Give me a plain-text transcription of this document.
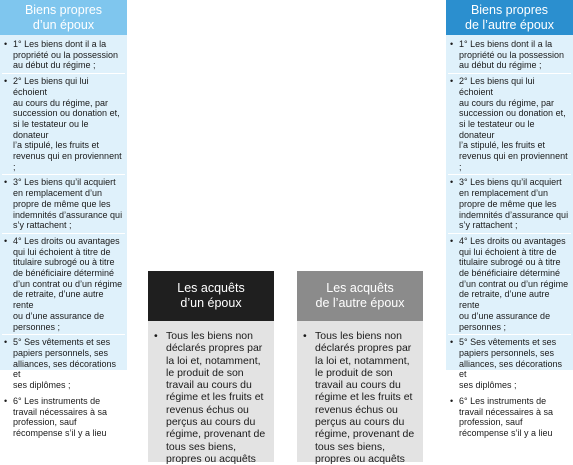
Biens propres
d’un époux
• 1° Les biens dont il a la
propriété ou la possession
au début du régime ;
• 2° Les biens qui lui échoient
au cours du régime, par
succession ou donation et,
si le testateur ou le donateur
l’a stipulé, les fruits et
revenus qui en proviennent ;
• 3° Les biens qu’il acquiert
en remplacement d’un
propre de même que les
indemnités d’assurance qui
s’y rattachent ;
• 4° Les droits ou avantages
qui lui échoient à titre de
titulaire subrogé ou à titre
de bénéficiaire déterminé
d’un contrat ou d’un régime
de retraite, d’une autre rente
ou d’une assurance de
personnes ;
• 5° Ses vêtements et ses
papiers personnels, ses
alliances, ses décorations et
ses diplômes ;
• 6° Les instruments de
travail nécessaires à sa
profession, sauf
récompense s’il y a lieu
Les acquêts
d’un époux
• Tous les biens non
déclarés propres par
la loi et, notamment,
le produit de son
travail au cours du
régime et les fruits et
revenus échus ou
perçus au cours du
régime, provenant de
tous ses biens,
propres ou acquêts
Les acquêts
de l’autre époux
• Tous les biens non
déclarés propres par
la loi et, notamment,
le produit de son
travail au cours du
régime et les fruits et
revenus échus ou
perçus au cours du
régime, provenant de
tous ses biens,
propres ou acquêts
Biens propres
de l’autre époux
• 1° Les biens dont il a la
propriété ou la possession
au début du régime ;
• 2° Les biens qui lui échoient
au cours du régime, par
succession ou donation et,
si le testateur ou le donateur
l’a stipulé, les fruits et
revenus qui en proviennent ;
• 3° Les biens qu’il acquiert
en remplacement d’un
propre de même que les
indemnités d’assurance qui
s’y rattachent ;
• 4° Les droits ou avantages
qui lui échoient à titre de
titulaire subrogé ou à titre
de bénéficiaire déterminé
d’un contrat ou d’un régime
de retraite, d’une autre rente
ou d’une assurance de
personnes ;
• 5° Ses vêtements et ses
papiers personnels, ses
alliances, ses décorations et
ses diplômes ;
• 6° Les instruments de
travail nécessaires à sa
profession, sauf
récompense s’il y a lieu
